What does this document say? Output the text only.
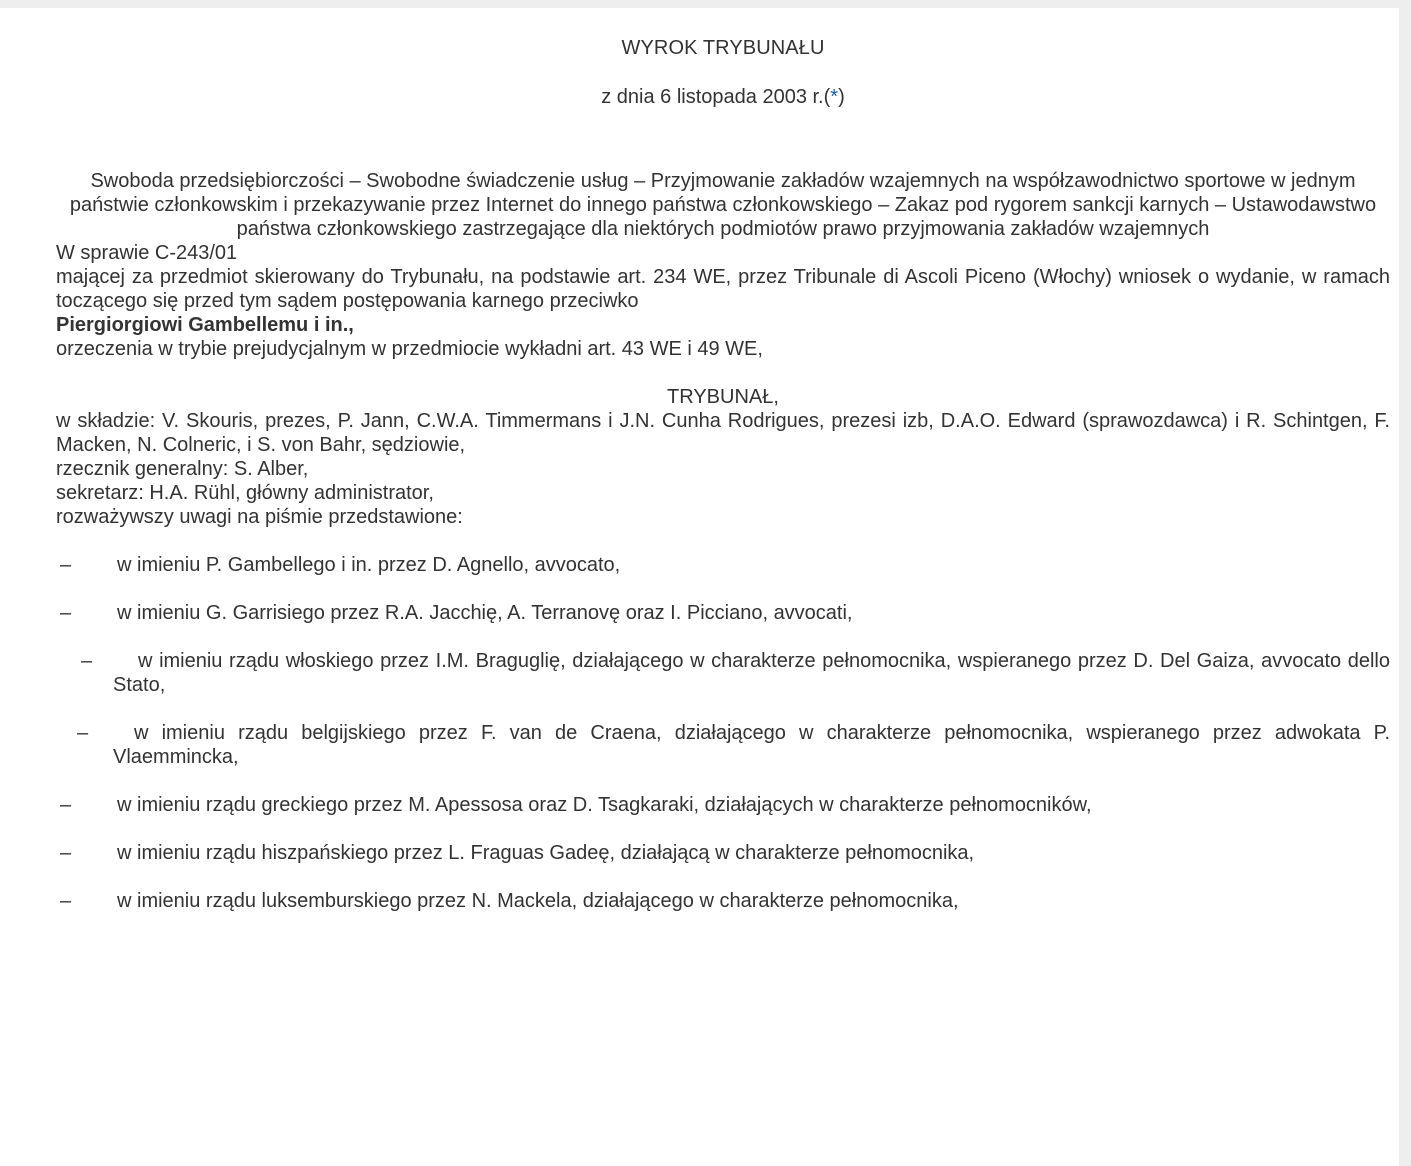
WYROK TRYBUNAŁU
z dnia 6 listopada 2003 r.(*)
Swoboda przedsiębiorczości – Swobodne świadczenie usług – Przyjmowanie zakładów wzajemnych na współzawodnictwo sportowe w jednym państwie członkowskim i przekazywanie przez Internet do innego państwa członkowskiego – Zakaz pod rygorem sankcji karnych – Ustawodawstwo państwa członkowskiego zastrzegające dla niektórych podmiotów prawo przyjmowania zakładów wzajemnych

W sprawie C-243/01

mającej za przedmiot skierowany do Trybunału, na podstawie art. 234 WE, przez Tribunale di Ascoli Piceno (Włochy) wniosek o wydanie, w ramach toczącego się przed tym sądem postępowania karnego przeciwko

Piergiorgiowi Gambellemu i in.,

orzeczenia w trybie prejudycjalnym w przedmiocie wykładni art. 43 WE i 49 WE,

TRYBUNAŁ,

w składzie: V. Skouris, prezes, P. Jann, C.W.A. Timmermans i J.N. Cunha Rodrigues, prezesi izb, D.A.O. Edward (sprawozdawca) i R. Schintgen, F. Macken, N. Colneric, i S. von Bahr, sędziowie,

rzecznik generalny: S. Alber,

sekretarz: H.A. Rühl, główny administrator,

rozważywszy uwagi na piśmie przedstawione:

– w imieniu P. Gambellego i in. przez D. Agnello, avvocato,
– w imieniu G. Garrisiego przez R.A. Jacchię, A. Terranovę oraz I. Picciano, avvocati,
– w imieniu rządu włoskiego przez I.M. Braguglię, działającego w charakterze pełnomocnika, wspieranego przez D. Del Gaiza, avvocato dello Stato,
– w imieniu rządu belgijskiego przez F. van de Craena, działającego w charakterze pełnomocnika, wspieranego przez adwokata P. Vlaemmincka,
– w imieniu rządu greckiego przez M. Apessosa oraz D. Tsagkaraki, działających w charakterze pełnomocników,
– w imieniu rządu hiszpańskiego przez L. Fraguas Gadeę, działającą w charakterze pełnomocnika,
– w imieniu rządu luksemburskiego przez N. Mackela, działającego w charakterze pełnomocnika,
